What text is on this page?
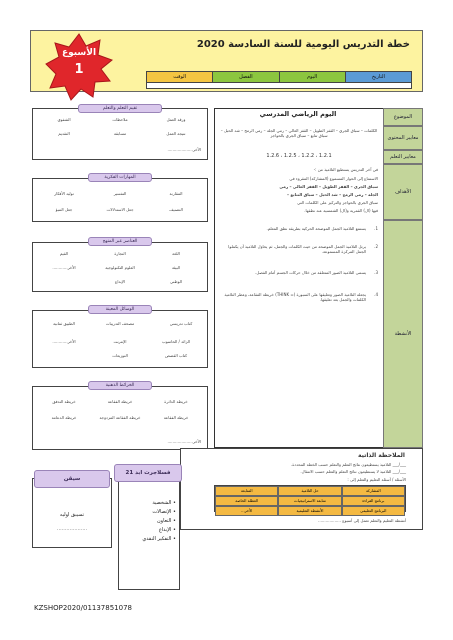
خطة التدريس اليومية للسنة السادسة 2020
التاريخ
اليوم
الفصل
الوقت
الأسبوع
1
ورقة العمل
ملاحظات
الشفوي
نتيجة العمل
مسابقة
التقديم
الأخر....................
تقيم التعلم والتعلم
المقارنة
التفسير
توليد الأفكار
التصنيف
جعل الاستدلالات
جعل التنبؤ
المهارات الفكرية
اللغة
التجارة
القيم
البيئة
العلوم التكنولوجية
الأخر............
الوطني
الإبداع
العناصر عبر المنهج
كتاب تدريسي
مصحف التدريبات
الطبيق ثمانية
الزائد / الحاسوب
الإنترنت
الأخر............
كتاب القصص
التوزيعات
الوسائل المعينة
خريطة الدائرة
خريطة الفقاعة
خريطة التدفق
خريطة الفقاعة
خريطة الفقاعة المزدوجة
خريطة الدعامة
الأخر....................
الخرائط الذهنية
الموضوع
اليوم الرياضي المدرسي
معايير المحتوى
الكلمات – سباق الجري – القفز الطويل – القفز العالي – رمي الجلة – رمي الرمح – شد الحبل – سباق تتابع – سباق الجري بالحواجز
معايير التعلم
1.2.1 ، 1.2.2 ، 1.2.5 ، 1.2.6
الأهداف
في آخر التدريس يستطيع التلاميذ من :-
الاستماع إلى الحوار المسموع (المشاركة) المقروء في
سباق الجري – القفز الطويل – القفز العالي – رمي
الجلة – رمي الرمح – شد الحبل – سباق التتابع –
سباق الجري بالحواجز والتركيز على الكلمات التي
فيها (ال) القمرية و(ال) الشمسية عند نطقها.
الأنشطة
1.
يستمع التلاميذ الجمل الموضحة الحركية بطريقة نطق المعلم.
2.
يرتل التلاميذ الجمل الموضحة من حيث الكلمات والجمل، ثم يحاول التلاميذ أن يكملوا الجمل المركزة المسموعة.
3.
يسمى التلاميذ الصور المتعلقة من خلال حركات الجسم أمام الفصل.
4.
يجعله التلاميذ الصور وتعليقها على السبورة (= THINK) خريطة الفقاعة، وعطر التلاميذ الكلمات والجمل بعد تعليقها.
الملاحظة الذاتية
___/___ التلاميذ يستطيعون نتائج التعلم والتعلم حسب الخطة المحددة.
___/___ التلاميذ لا يستطيعون نتائج التعلم والتعلم حسب الانتقال.
الأسئلة / أسئلة التعليم والتعلم إلى :
المشاركة
حل التلاميذ
المتابعة
برنامج القراءة
متابعة الاستراتيجيات
العطلة الخاصة
البرنامج التعليمي
الأنشطة التعليمية
الأخر...
أنشطة التعليم والتعلم تعمل إلى أسبوع ..................
فسلاجرت ابد 21
• الشخصية
• الإتصالات
• التعاون
• الإبداع
• التفكير النقدي
سيقن
تسيبق اوليه
...................
KZSHOP2020/01137851078
